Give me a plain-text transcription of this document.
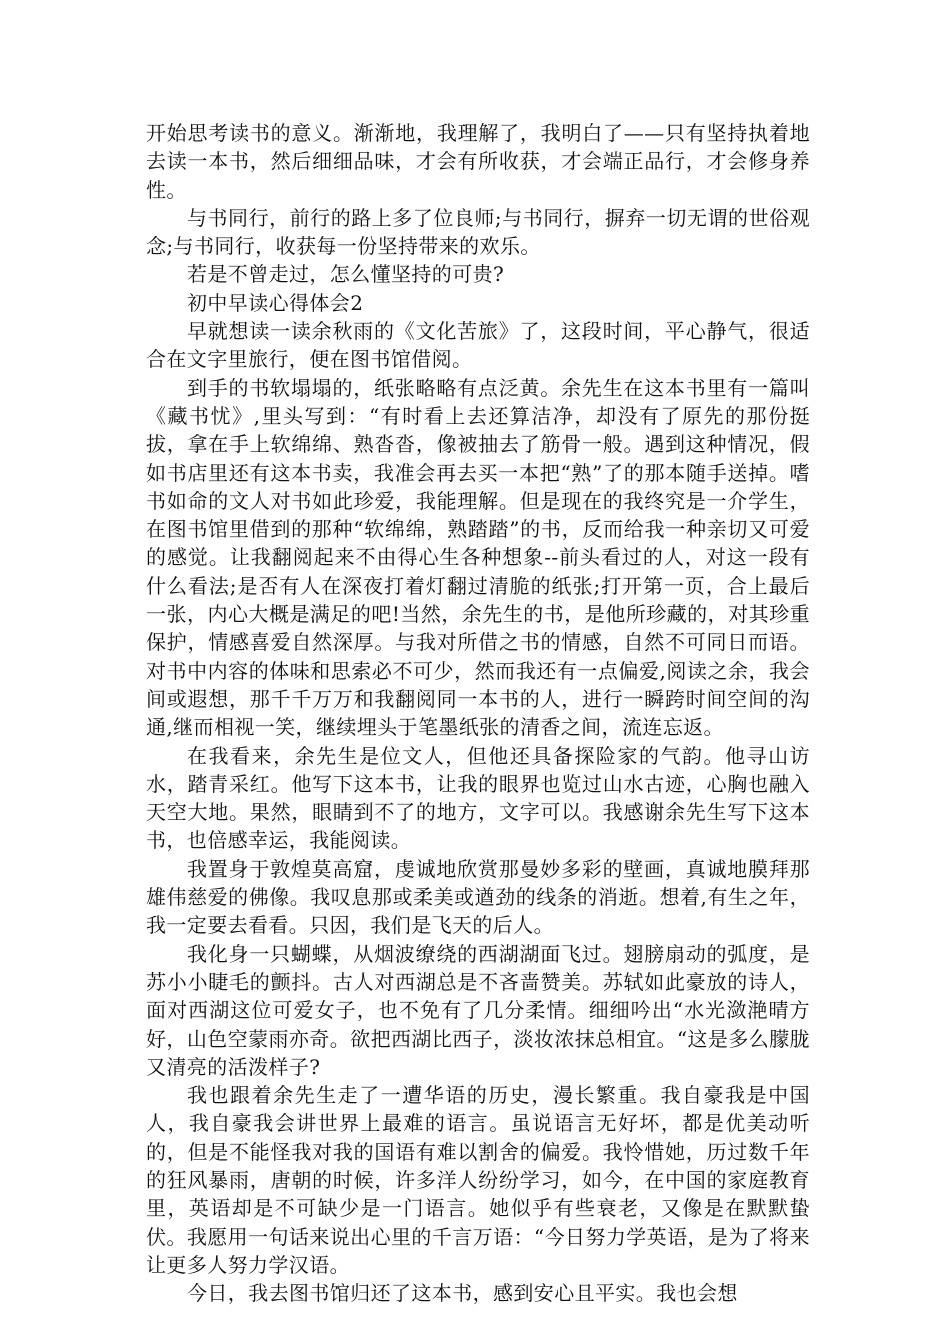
开始思考读书的意义。渐渐地，我理解了，我明白了——只有坚持执着地去读一本书，然后细细品味，才会有所收获，才会端正品行，才会修身养性。

与书同行，前行的路上多了位良师;与书同行，摒弃一切无谓的世俗观念;与书同行，收获每一份坚持带来的欢乐。

若是不曾走过，怎么懂坚持的可贵?

初中早读心得体会2

早就想读一读余秋雨的《文化苦旅》了，这段时间，平心静气，很适合在文字里旅行，便在图书馆借阅。

到手的书软塌塌的，纸张略略有点泛黄。余先生在这本书里有一篇叫《藏书忧》,里头写到：“有时看上去还算洁净，却没有了原先的那份挺拔，拿在手上软绵绵、熟沓沓，像被抽去了筋骨一般。遇到这种情况，假如书店里还有这本书卖，我准会再去买一本把“熟”了的那本随手送掉。嗜书如命的文人对书如此珍爱，我能理解。但是现在的我终究是一介学生，在图书馆里借到的那种“软绵绵，熟踏踏”的书，反而给我一种亲切又可爱的感觉。让我翻阅起来不由得心生各种想象--前头看过的人，对这一段有什么看法;是否有人在深夜打着灯翻过清脆的纸张;打开第一页，合上最后一张，内心大概是满足的吧!当然，余先生的书，是他所珍藏的，对其珍重保护，情感喜爱自然深厚。与我对所借之书的情感，自然不可同日而语。对书中内容的体味和思索必不可少，然而我还有一点偏爱,阅读之余，我会间或遐想，那千千万万和我翻阅同一本书的人，进行一瞬跨时间空间的沟通,继而相视一笑，继续埋头于笔墨纸张的清香之间，流连忘返。

在我看来，余先生是位文人，但他还具备探险家的气韵。他寻山访水，踏青采红。他写下这本书，让我的眼界也览过山水古迹，心胸也融入天空大地。果然，眼睛到不了的地方，文字可以。我感谢余先生写下这本书，也倍感幸运，我能阅读。

我置身于敦煌莫高窟，虔诚地欣赏那曼妙多彩的壁画，真诚地膜拜那雄伟慈爱的佛像。我叹息那或柔美或遒劲的线条的消逝。想着,有生之年，我一定要去看看。只因，我们是飞天的后人。

我化身一只蝴蝶，从烟波缭绕的西湖湖面飞过。翅膀扇动的弧度，是苏小小睫毛的颤抖。古人对西湖总是不吝啬赞美。苏轼如此豪放的诗人，面对西湖这位可爱女子，也不免有了几分柔情。细细吟出“水光潋滟晴方好，山色空蒙雨亦奇。欲把西湖比西子，淡妆浓抹总相宜。“这是多么朦胧又清亮的活泼样子?

我也跟着余先生走了一遭华语的历史，漫长繁重。我自豪我是中国人，我自豪我会讲世界上最难的语言。虽说语言无好坏，都是优美动听的，但是不能怪我对我的国语有难以割舍的偏爱。我怜惜她，历过数千年的狂风暴雨，唐朝的时候，许多洋人纷纷学习，如今，在中国的家庭教育里，英语却是不可缺少是一门语言。她似乎有些衰老，又像是在默默蛰伏。我愿用一句话来说出心里的千言万语：“今日努力学英语，是为了将来让更多人努力学汉语。

今日，我去图书馆归还了这本书，感到安心且平实。我也会想
